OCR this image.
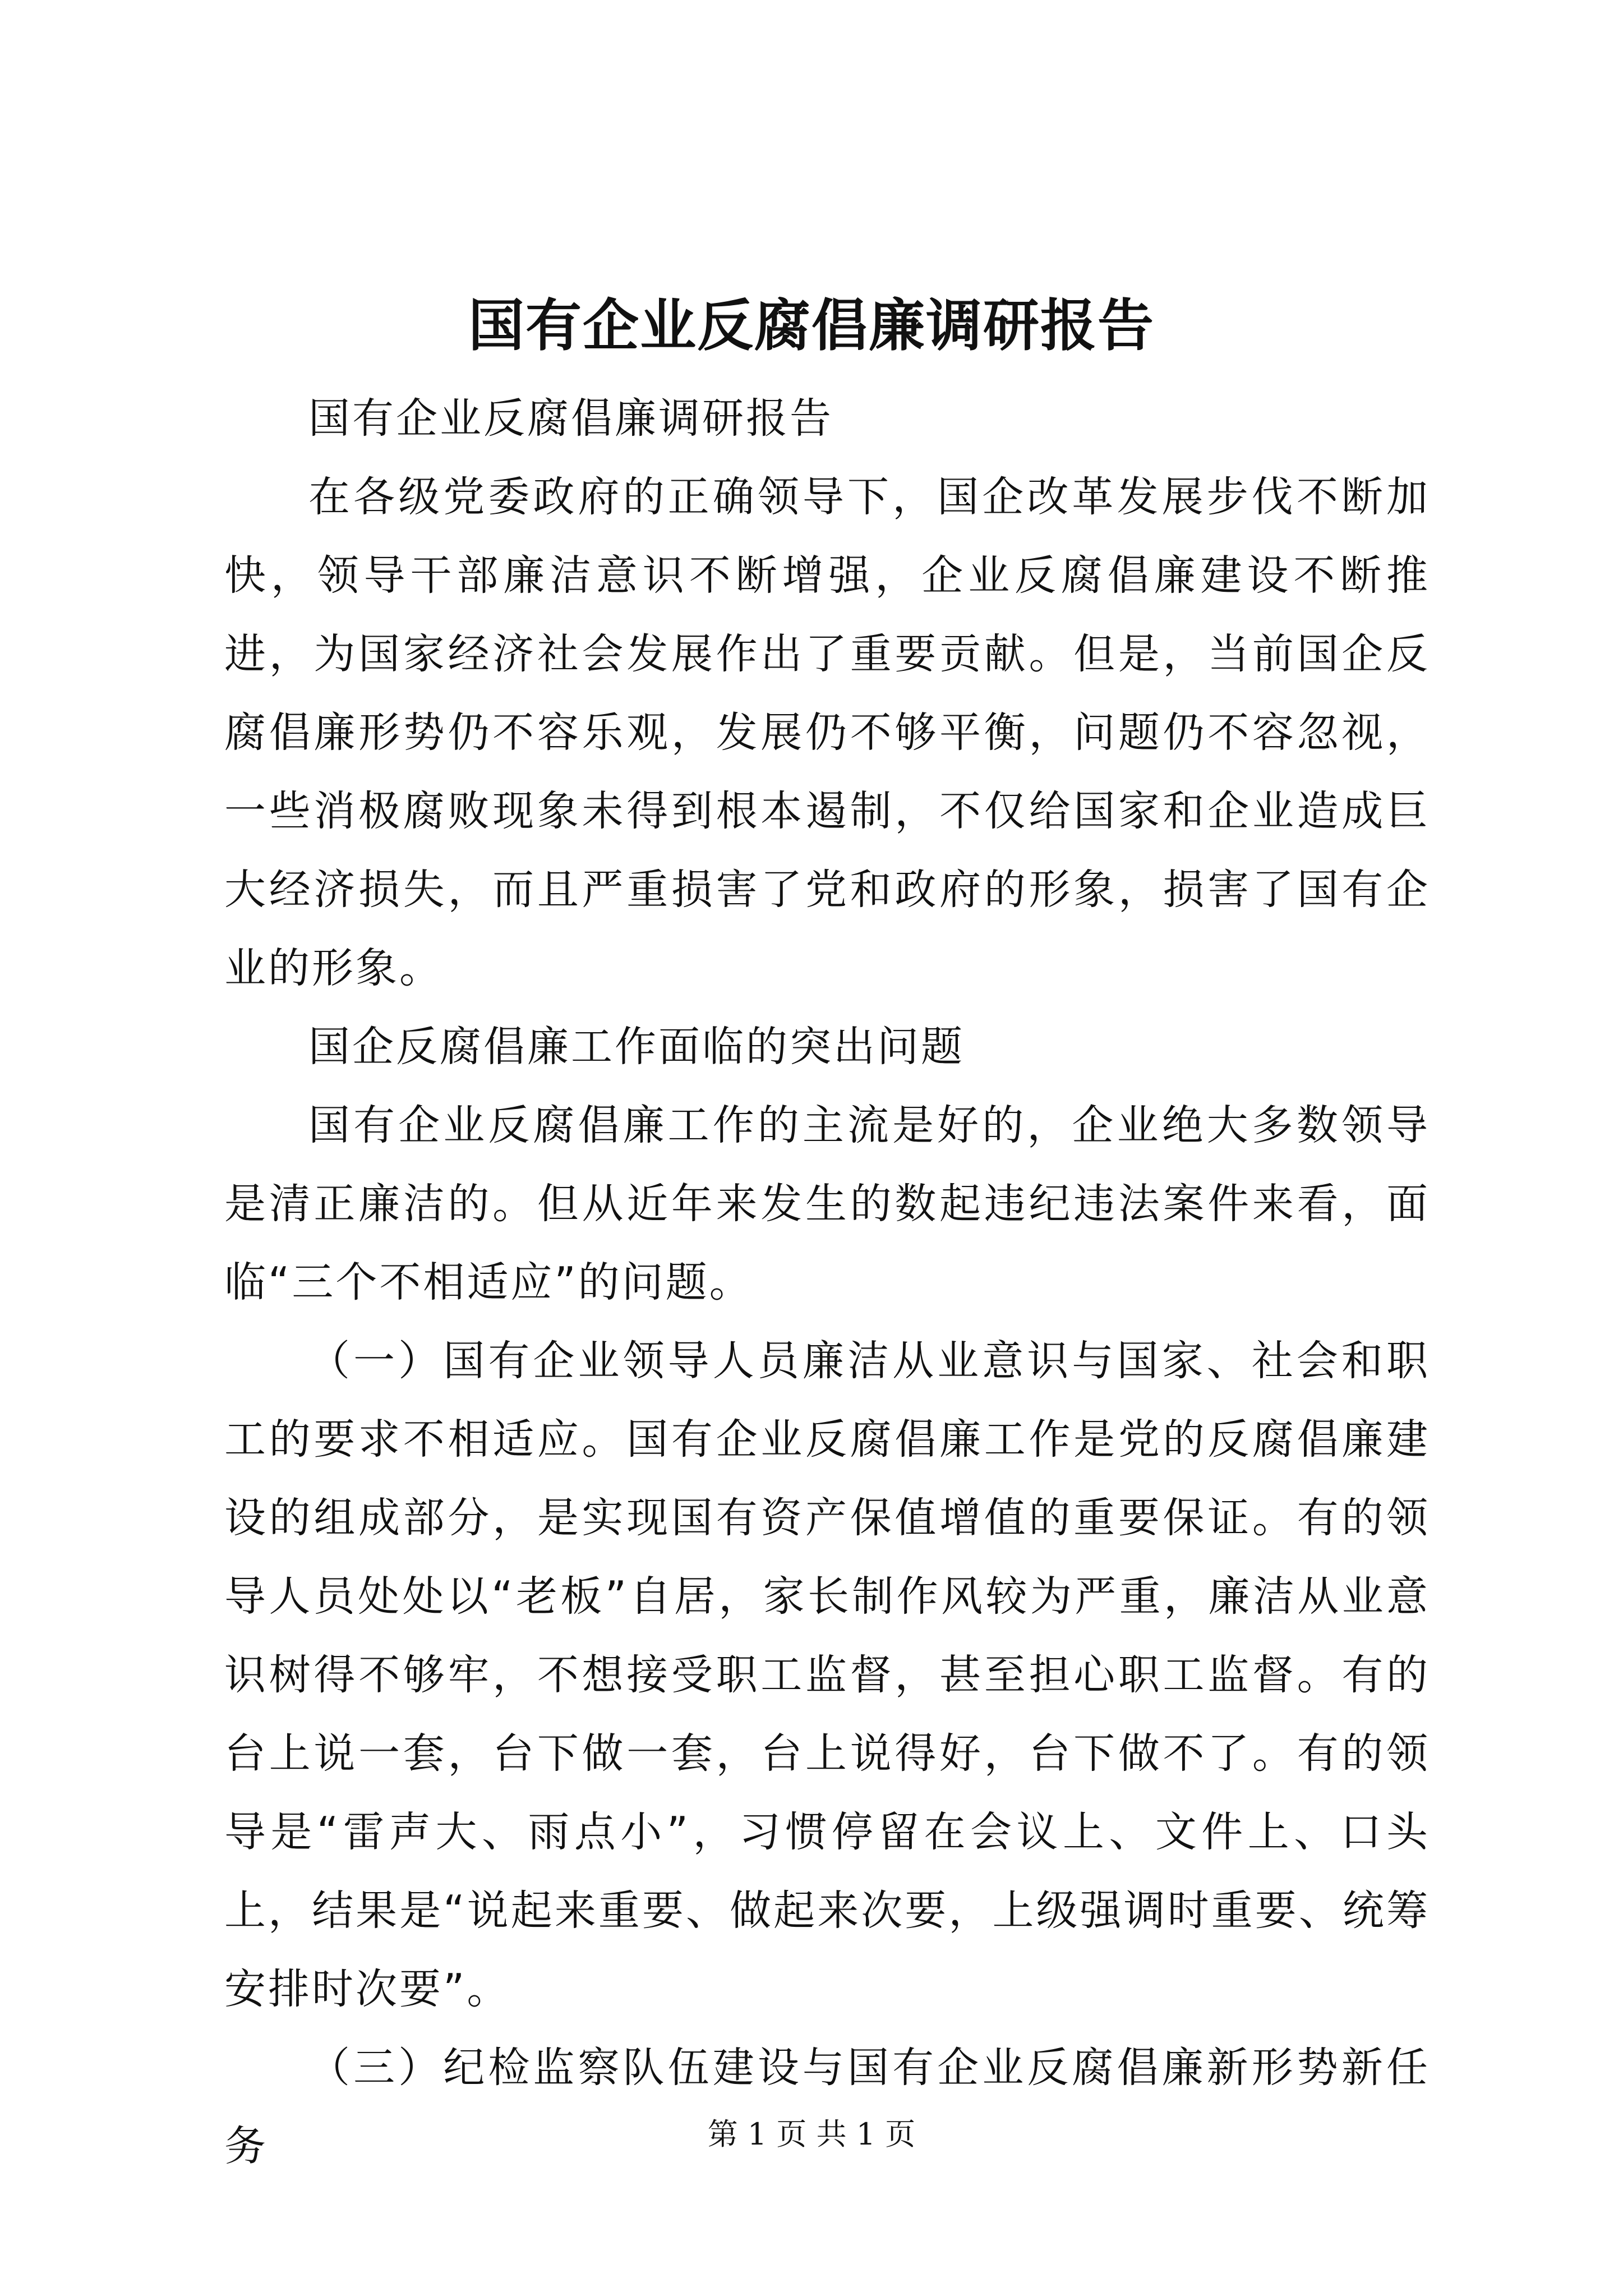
国有企业反腐倡廉调研报告

国有企业反腐倡廉调研报告

在各级党委政府的正确领导下，国企改革发展步伐不断加快，领导干部廉洁意识不断增强，企业反腐倡廉建设不断推进，为国家经济社会发展作出了重要贡献。但是，当前国企反腐倡廉形势仍不容乐观，发展仍不够平衡，问题仍不容忽视，一些消极腐败现象未得到根本遏制，不仅给国家和企业造成巨大经济损失，而且严重损害了党和政府的形象，损害了国有企业的形象。

国企反腐倡廉工作面临的突出问题

国有企业反腐倡廉工作的主流是好的，企业绝大多数领导是清正廉洁的。但从近年来发生的数起违纪违法案件来看，面临“三个不相适应”的问题。

（一）国有企业领导人员廉洁从业意识与国家、社会和职工的要求不相适应。国有企业反腐倡廉工作是党的反腐倡廉建设的组成部分，是实现国有资产保值增值的重要保证。有的领导人员处处以“老板”自居，家长制作风较为严重，廉洁从业意识树得不够牢，不想接受职工监督，甚至担心职工监督。有的台上说一套，台下做一套，台上说得好，台下做不了。有的领导是“雷声大、雨点小”，习惯停留在会议上、文件上、口头上，结果是“说起来重要、做起来次要，上级强调时重要、统筹安排时次要”。

（三）纪检监察队伍建设与国有企业反腐倡廉新形势新任务	第 1 页 共 1 页
